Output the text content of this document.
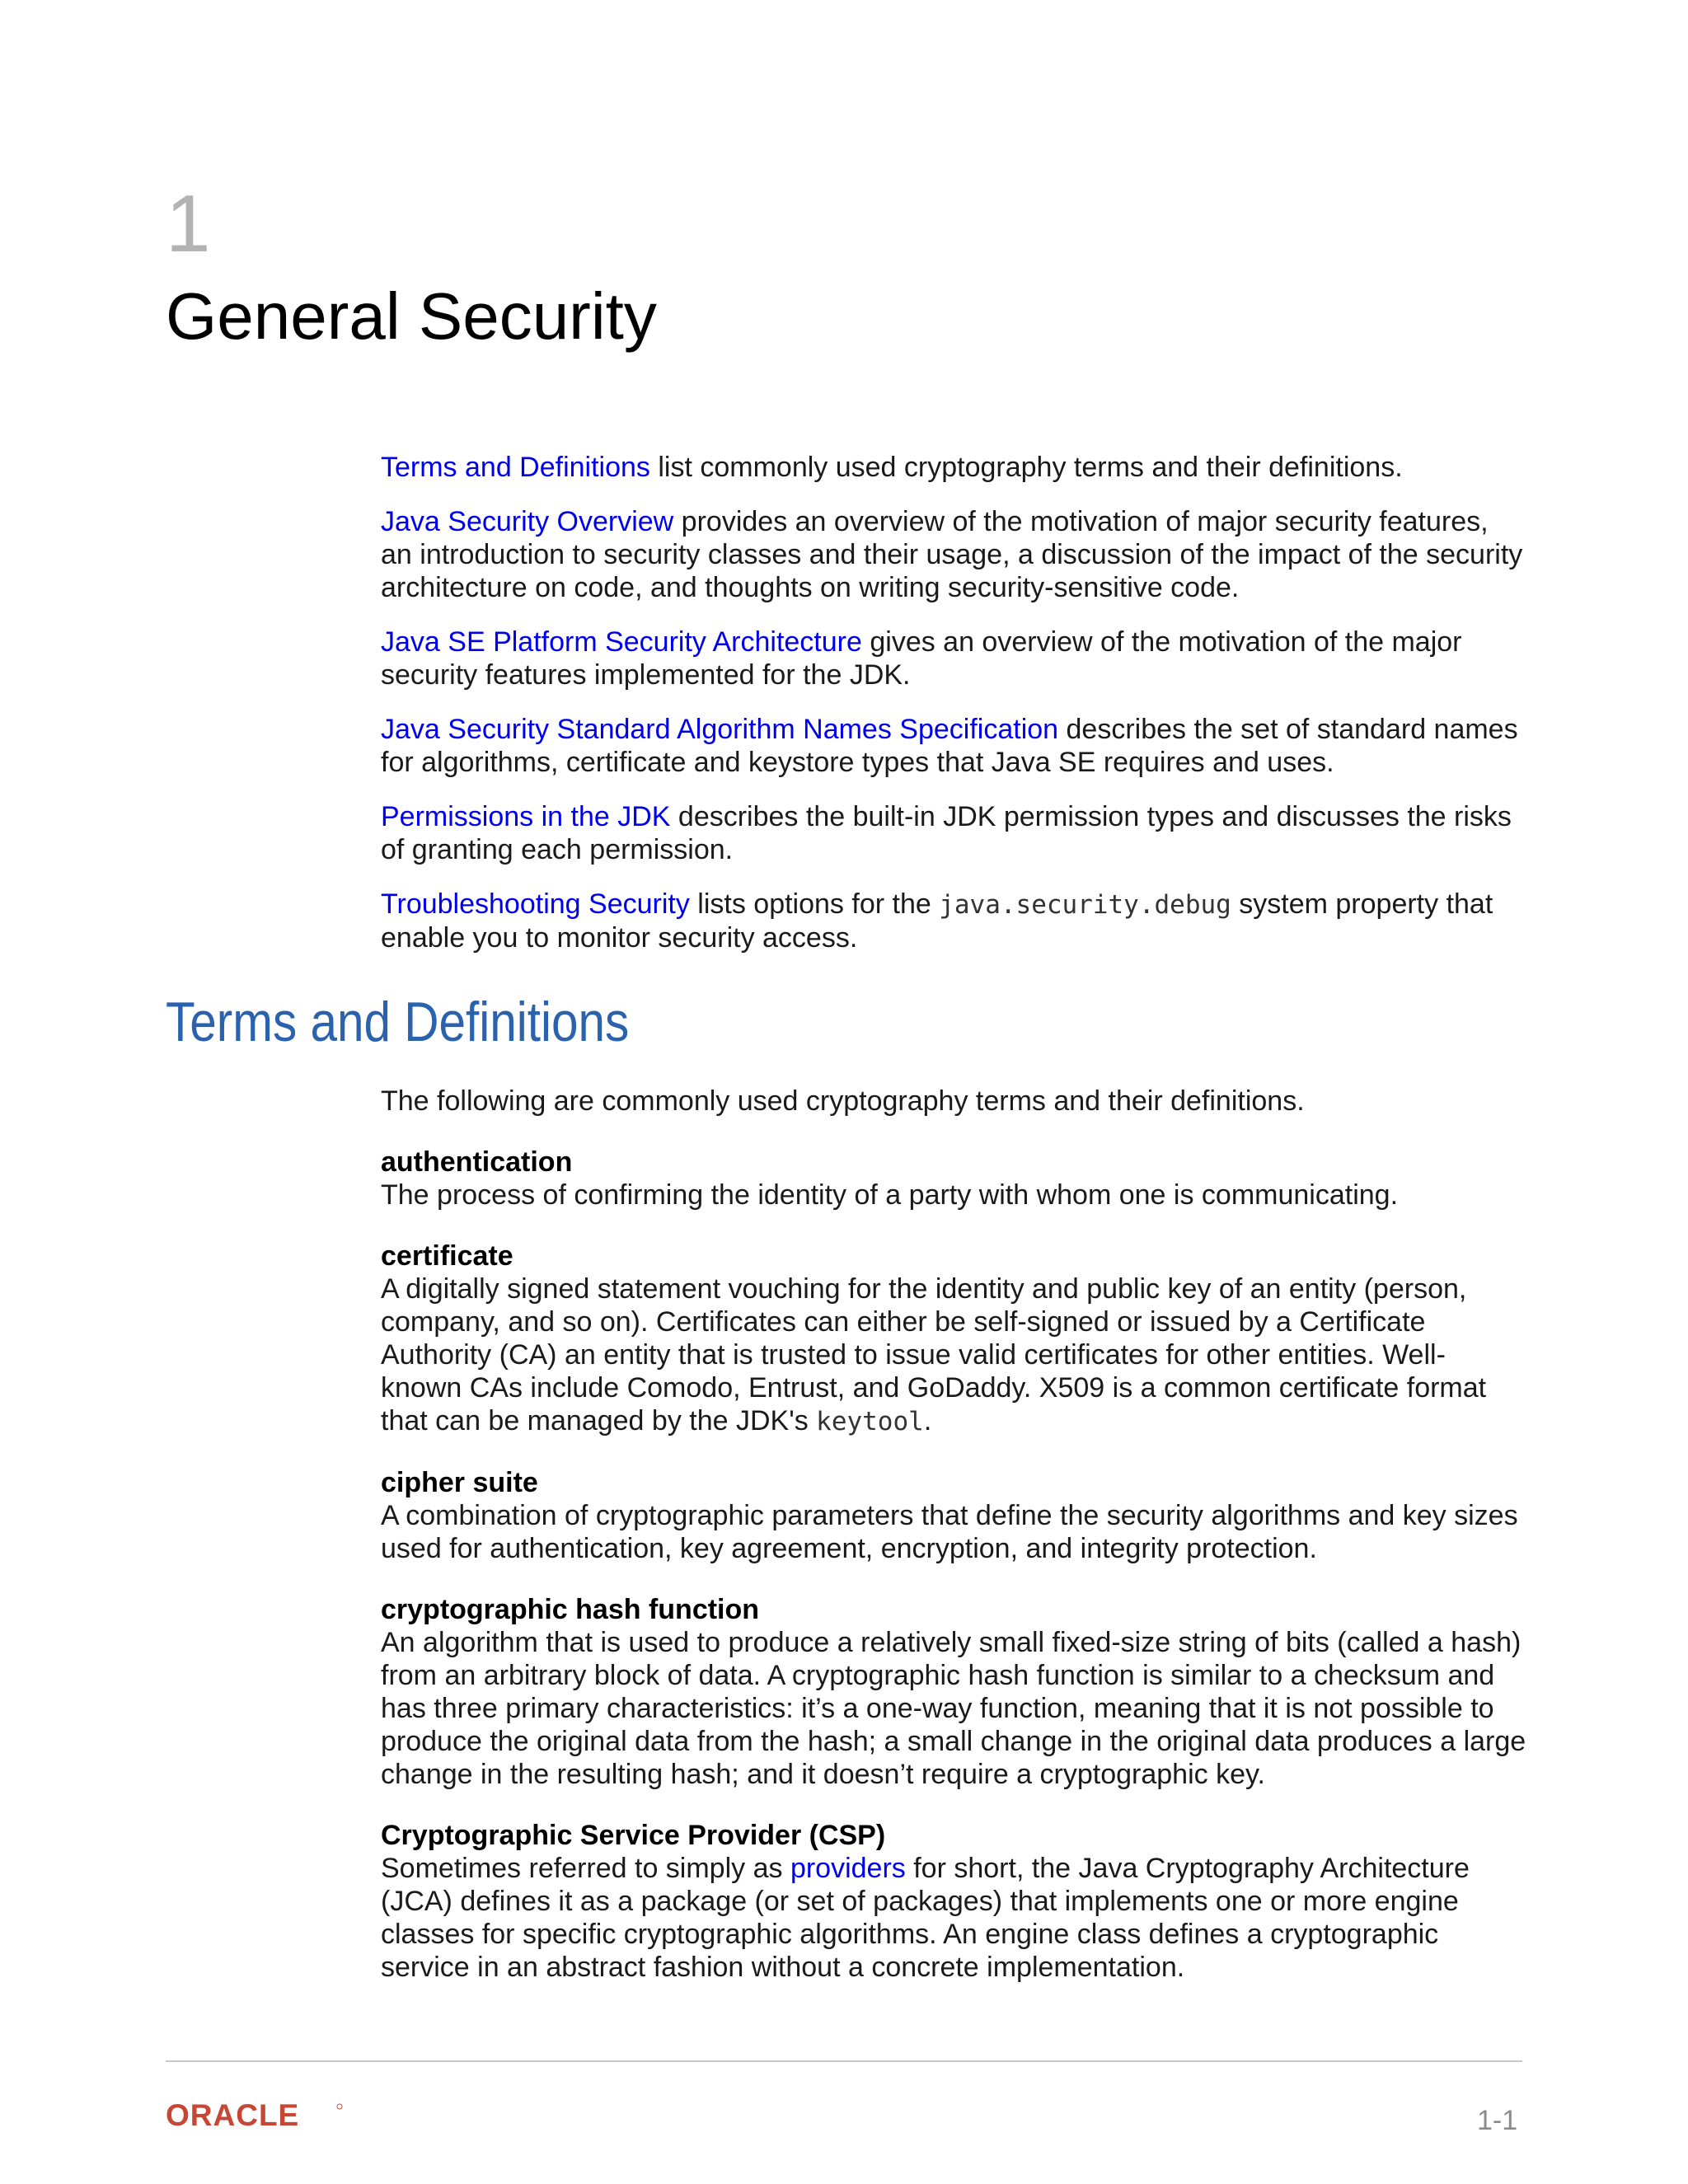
1
General Security

Terms and Definitions list commonly used cryptography terms and their definitions.

Java Security Overview provides an overview of the motivation of major security features, an introduction to security classes and their usage, a discussion of the impact of the security architecture on code, and thoughts on writing security-sensitive code.

Java SE Platform Security Architecture gives an overview of the motivation of the major security features implemented for the JDK.

Java Security Standard Algorithm Names Specification describes the set of standard names for algorithms, certificate and keystore types that Java SE requires and uses.

Permissions in the JDK describes the built-in JDK permission types and discusses the risks of granting each permission.

Troubleshooting Security lists options for the java.security.debug system property that enable you to monitor security access.

Terms and Definitions

The following are commonly used cryptography terms and their definitions.

authentication
The process of confirming the identity of a party with whom one is communicating.
certificate
A digitally signed statement vouching for the identity and public key of an entity (person, company, and so on). Certificates can either be self-signed or issued by a Certificate Authority (CA) an entity that is trusted to issue valid certificates for other entities. Well-known CAs include Comodo, Entrust, and GoDaddy. X509 is a common certificate format that can be managed by the JDK's keytool.
cipher suite
A combination of cryptographic parameters that define the security algorithms and key sizes used for authentication, key agreement, encryption, and integrity protection.
cryptographic hash function
An algorithm that is used to produce a relatively small fixed-size string of bits (called a hash) from an arbitrary block of data. A cryptographic hash function is similar to a checksum and has three primary characteristics: it’s a one-way function, meaning that it is not possible to produce the original data from the hash; a small change in the original data produces a large change in the resulting hash; and it doesn’t require a cryptographic key.
Cryptographic Service Provider (CSP)
Sometimes referred to simply as providers for short, the Java Cryptography Architecture (JCA) defines it as a package (or set of packages) that implements one or more engine classes for specific cryptographic algorithms. An engine class defines a cryptographic service in an abstract fashion without a concrete implementation.
ORACLE	1-1
